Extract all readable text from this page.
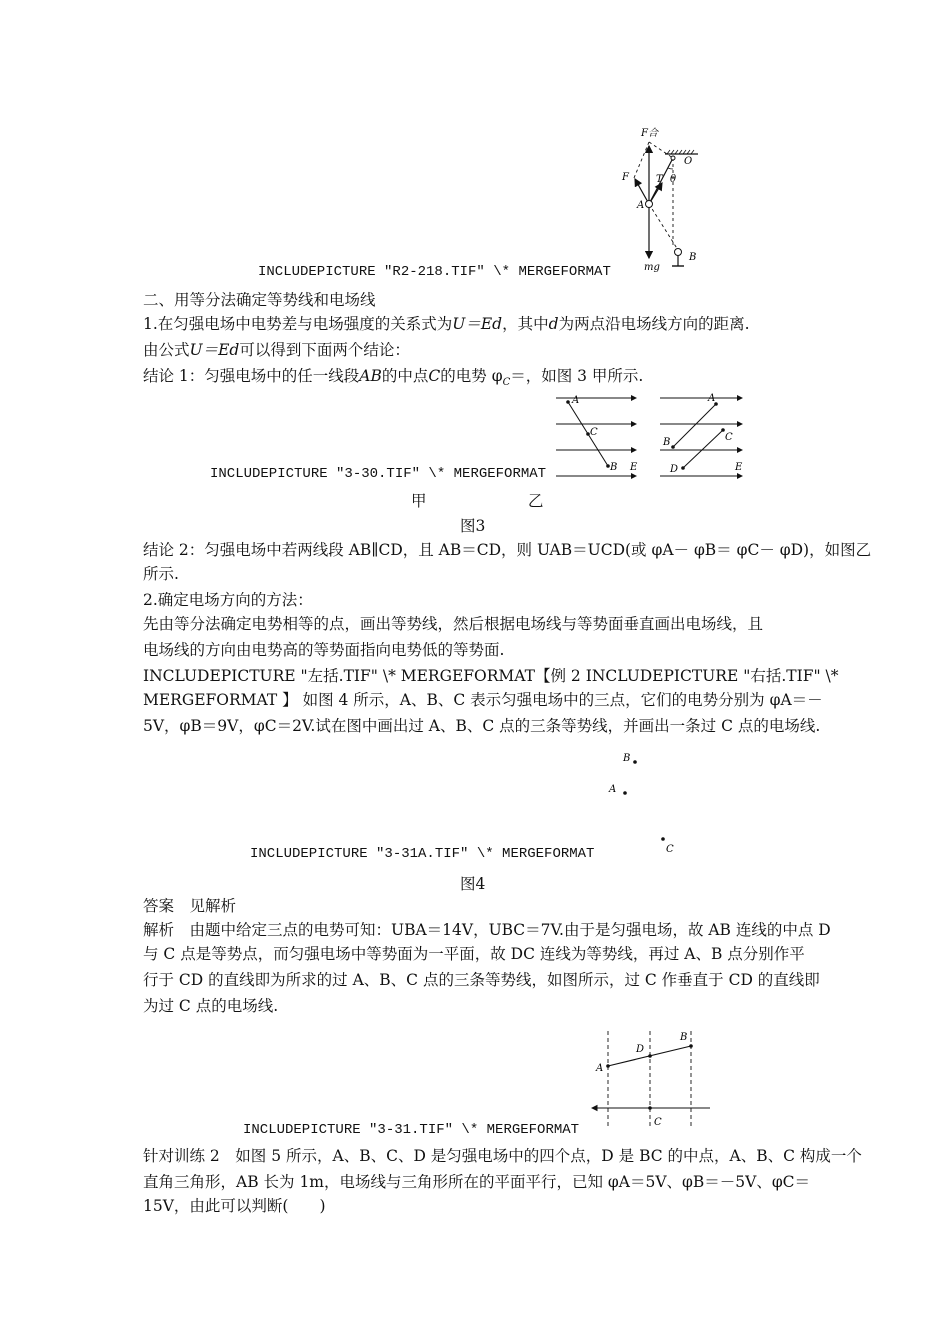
F合
F	T θ
O
A
B
mg
INCLUDEPICTURE "R2-218.TIF" \* MERGEFORMAT
二、用等分法确定等势线和电场线
1.在匀强电场中电势差与电场强度的关系式为U＝Ed，其中d为两点沿电场线方向的距离.
由公式U＝Ed可以得到下面两个结论：
结论 1：匀强电场中的任一线段AB的中点C的电势 $\varphi_C=$，如图 3 甲所示.
A
C
B E
A
B	C
D	E
INCLUDEPICTURE "3-30.TIF" \* MERGEFORMAT
甲	乙
图3
结论 2：匀强电场中若两线段 AB∥CD，且 AB＝CD，则 UAB＝UCD(或 φA－ φB＝ φC－ φD)，如图乙
所示.
2.确定电场方向的方法：
先由等分法确定电势相等的点，画出等势线，然后根据电场线与等势面垂直画出电场线，且
电场线的方向由电势高的等势面指向电势低的等势面.
INCLUDEPICTURE "左括.TIF" \* MERGEFORMAT【例 2 INCLUDEPICTURE "右括.TIF" \*
MERGEFORMAT 】 如图 4 所示，A、B、C 表示匀强电场中的三点，它们的电势分别为 φA＝－
5V，φB＝9V，φC＝2V.试在图中画出过 A、B、C 点的三条等势线，并画出一条过 C 点的电场线.
B
A
C
INCLUDEPICTURE "3-31A.TIF" \* MERGEFORMAT
图4
答案　见解析
解析　由题中给定三点的电势可知：UBA＝14V，UBC＝7V.由于是匀强电场，故 AB 连线的中点 D
与 C 点是等势点，而匀强电场中等势面为一平面，故 DC 连线为等势线，再过 A、B 点分别作平
行于 CD 的直线即为所求的过 A、B、C 点的三条等势线，如图所示，过 C 作垂直于 CD 的直线即
为过 C 点的电场线.
A
D
B
C
INCLUDEPICTURE "3-31.TIF" \* MERGEFORMAT
针对训练 2　如图 5 所示，A、B、C、D 是匀强电场中的四个点，D 是 BC 的中点，A、B、C 构成一个
直角三角形，AB 长为 1m，电场线与三角形所在的平面平行，已知 φA＝5V、φB＝－5V、φC＝
15V，由此可以判断(　　)
